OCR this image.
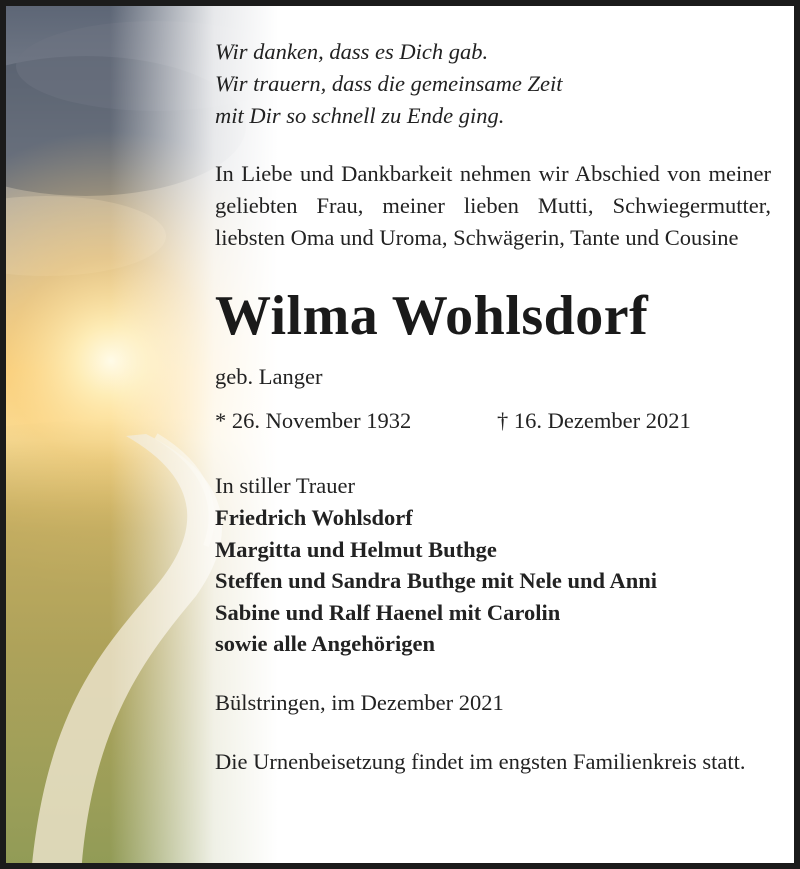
Wir danken, dass es Dich gab.
Wir trauern, dass die gemeinsame Zeit
mit Dir so schnell zu Ende ging.
In Liebe und Dankbarkeit nehmen wir Abschied von meiner geliebten Frau, meiner lieben Mutti, Schwiegermutter, liebsten Oma und Uroma, Schwägerin, Tante und Cousine
Wilma Wohlsdorf
geb. Langer
* 26. November 1932	† 16. Dezember 2021
In stiller Trauer
Friedrich Wohlsdorf
Margitta und Helmut Buthge
Steffen und Sandra Buthge mit Nele und Anni
Sabine und Ralf Haenel mit Carolin
sowie alle Angehörigen
Bülstringen, im Dezember 2021
Die Urnenbeisetzung findet im engsten Familienkreis statt.
